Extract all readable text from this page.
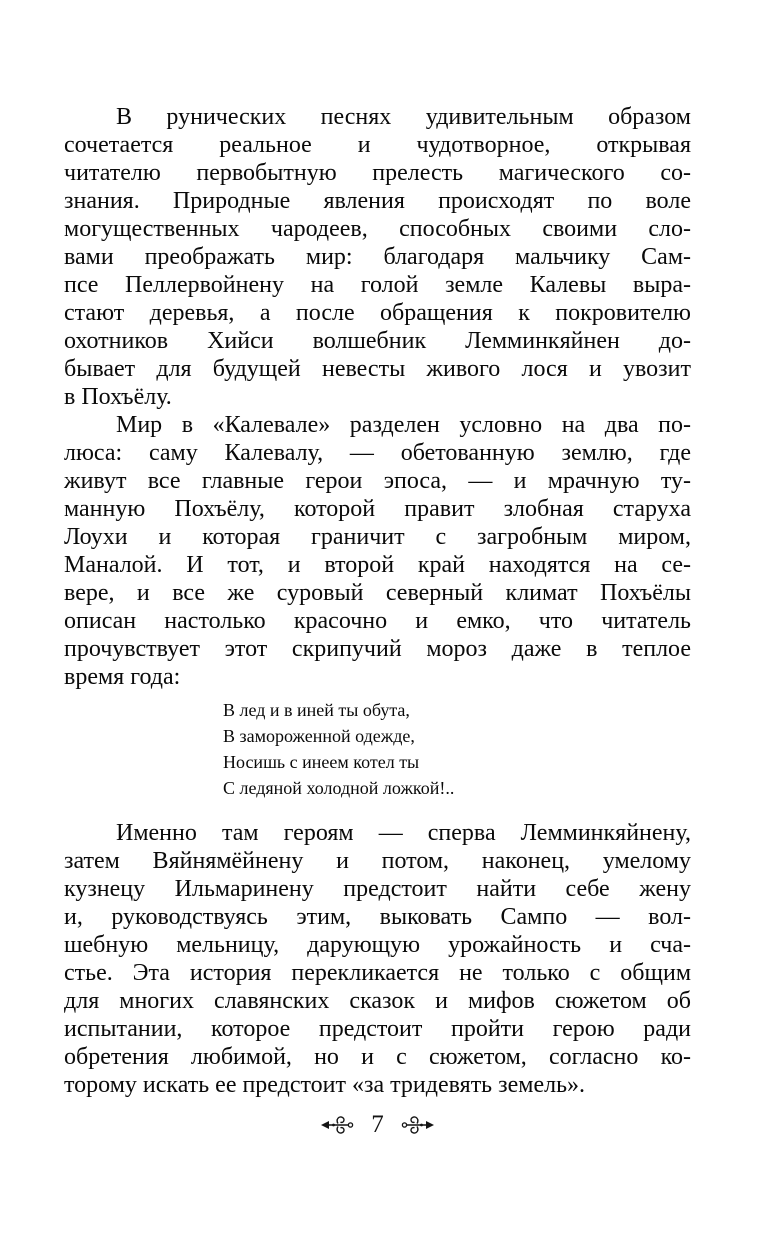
В рунических песнях удивительным образом
сочетается реальное и чудотворное, открывая
читателю первобытную прелесть магического со-
знания. Природные явления происходят по воле
могущественных чародеев, способных своими сло-
вами преображать мир: благодаря мальчику Сам-
псе Пеллервойнену на голой земле Калевы выра-
стают деревья, а после обращения к покровителю
охотников Хийси волшебник Лемминкяйнен до-
бывает для будущей невесты живого лося и увозит
в Похъёлу.

Мир в «Калевале» разделен условно на два по-
люса: саму Калевалу, — обетованную землю, где
живут все главные герои эпоса, — и мрачную ту-
манную Похъёлу, которой правит злобная старуха
Лоухи и которая граничит с загробным миром,
Маналой. И тот, и второй край находятся на се-
вере, и все же суровый северный климат Похъёлы
описан настолько красочно и емко, что читатель
прочувствует этот скрипучий мороз даже в теплое
время года:

В лед и в иней ты обута,
В замороженной одежде,
Носишь с инеем котел ты
С ледяной холодной ложкой!..

Именно там героям — сперва Лемминкяйнену,
затем Вяйнямёйнену и потом, наконец, умелому
кузнецу Ильмаринену предстоит найти себе жену
и, руководствуясь этим, выковать Сампо — вол-
шебную мельницу, дарующую урожайность и сча-
стье. Эта история перекликается не только с общим
для многих славянских сказок и мифов сюжетом об
испытании, которое предстоит пройти герою ради
обретения любимой, но и с сюжетом, согласно ко-
торому искать ее предстоит «за тридевять земель».

7
